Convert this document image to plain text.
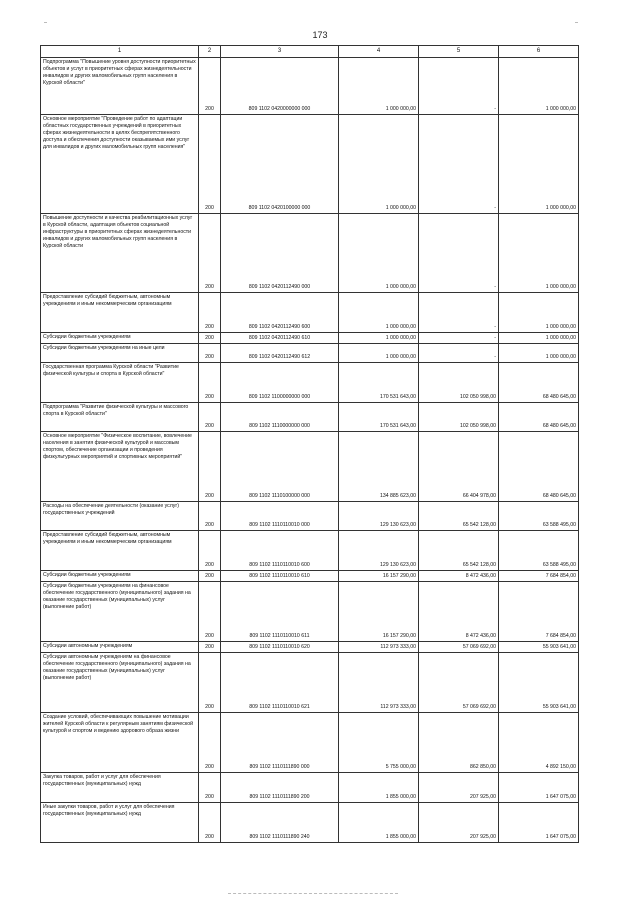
173
1	2	3	4	5	6
Подпрограмма "Повышение уровня доступности приоритетных объектов и услуг в приоритетных сферах жизнедеятельности инвалидов и других маломобильных групп населения в Курской области"	200	809 1102 0420000000 000	1 000 000,00	-	1 000 000,00
Основное мероприятие "Проведение работ по адаптации областных государственных учреждений в приоритетных сферах жизнедеятельности в целях беспрепятственного доступа и обеспечения доступности оказываемых ими услуг для инвалидов и других маломобильных групп населения"	200	809 1102 0420100000 000	1 000 000,00	-	1 000 000,00
Повышение доступности и качества реабилитационных услуг в Курской области, адаптация объектов социальной инфраструктуры в приоритетных сферах жизнедеятельности инвалидов и других маломобильных групп населения в Курской области	200	809 1102 0420112490 000	1 000 000,00	-	1 000 000,00
Предоставление субсидий бюджетным, автономным учреждениям и иным некоммерческим организациям	200	809 1102 0420112490 600	1 000 000,00	-	1 000 000,00
Субсидии бюджетным учреждениям	200	809 1102 0420112490 610	1 000 000,00	-	1 000 000,00
Субсидии бюджетным учреждениям на иные цели	200	809 1102 0420112490 612	1 000 000,00	-	1 000 000,00
Государственная программа Курской области "Развитие физической культуры и спорта в Курской области"	200	809 1102 1100000000 000	170 531 643,00	102 050 998,00	68 480 645,00
Подпрограмма "Развитие физической культуры и массового спорта в Курской области"	200	809 1102 1110000000 000	170 531 643,00	102 050 998,00	68 480 645,00
Основное мероприятие "Физическое воспитание, вовлечение населения в занятия физической культурой и массовым спортом, обеспечение организации и проведения физкультурных мероприятий и спортивных мероприятий"	200	809 1102 1110100000 000	134 885 623,00	66 404 978,00	68 480 645,00
Расходы на обеспечение деятельности (оказание услуг) государственных учреждений	200	809 1102 1110110010 000	129 130 623,00	65 542 128,00	63 588 495,00
Предоставление субсидий бюджетным, автономным учреждениям и иным некоммерческим организациям	200	809 1102 1110110010 600	129 130 623,00	65 542 128,00	63 588 495,00
Субсидии бюджетным учреждениям	200	809 1102 1110110010 610	16 157 290,00	8 472 436,00	7 684 854,00
Субсидии бюджетным учреждениям на финансовое обеспечение государственного (муниципального) задания на оказание государственных (муниципальных) услуг (выполнение работ)	200	809 1102 1110110010 611	16 157 290,00	8 472 436,00	7 684 854,00
Субсидии автономным учреждениям	200	809 1102 1110110010 620	112 973 333,00	57 069 692,00	55 903 641,00
Субсидии автономным учреждениям на финансовое обеспечение государственного (муниципального) задания на оказание государственных (муниципальных) услуг (выполнение работ)	200	809 1102 1110110010 621	112 973 333,00	57 069 692,00	55 903 641,00
Создание условий, обеспечивающих повышение мотивации жителей Курской области к регулярным занятиям физической культурой и спортом и ведению здорового образа жизни	200	809 1102 1110111890 000	5 755 000,00	862 850,00	4 892 150,00
Закупка товаров, работ и услуг для обеспечения государственных (муниципальных) нужд	200	809 1102 1110111890 200	1 855 000,00	207 925,00	1 647 075,00
Иные закупки товаров, работ и услуг для обеспечения государственных (муниципальных) нужд	200	809 1102 1110111890 240	1 855 000,00	207 925,00	1 647 075,00
